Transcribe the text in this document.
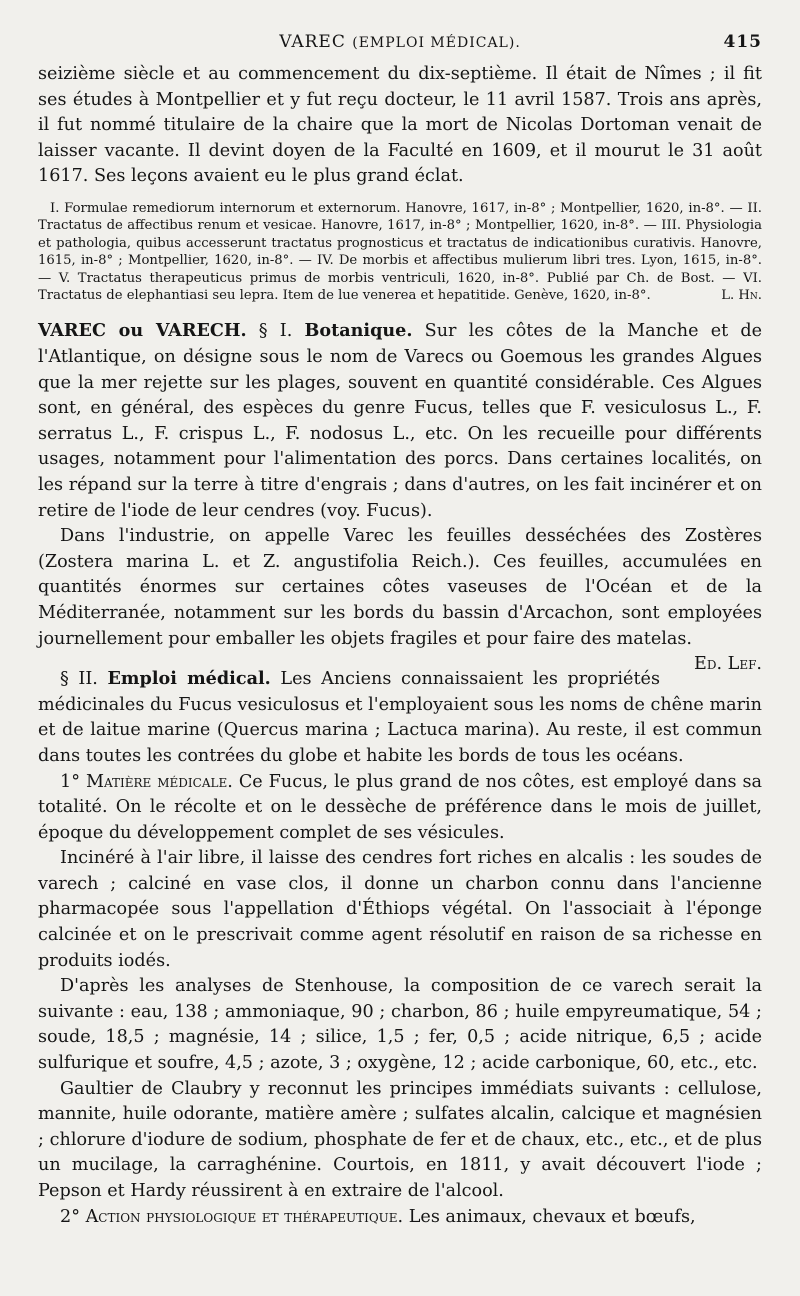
VAREC (EMPLOI MÉDICAL).	415

seizième siècle et au commencement du dix-septième. Il était de Nîmes ; il fit ses études à Montpellier et y fut reçu docteur, le 11 avril 1587. Trois ans après, il fut nommé titulaire de la chaire que la mort de Nicolas Dortoman venait de laisser vacante. Il devint doyen de la Faculté en 1609, et il mourut le 31 août 1617. Ses leçons avaient eu le plus grand éclat.

I. Formulae remediorum internorum et externorum. Hanovre, 1617, in-8° ; Montpellier, 1620, in-8°. — II. Tractatus de affectibus renum et vesicae. Hanovre, 1617, in-8° ; Montpellier, 1620, in-8°. — III. Physiologia et pathologia, quibus accesserunt tractatus prognosticus et tractatus de indicationibus curativis. Hanovre, 1615, in-8° ; Montpellier, 1620, in-8°. — IV. De morbis et affectibus mulierum libri tres. Lyon, 1615, in-8°. — V. Tractatus therapeuticus primus de morbis ventriculi, 1620, in-8°. Publié par Ch. de Bost. — VI. Tractatus de elephantiasi seu lepra. Item de lue venerea et hepatitide. Genève, 1620, in-8°.	L. Hn.

VAREC ou VARECH. § I. Botanique. Sur les côtes de la Manche et de l'Atlantique, on désigne sous le nom de Varecs ou Goemous les grandes Algues que la mer rejette sur les plages, souvent en quantité considérable. Ces Algues sont, en général, des espèces du genre Fucus, telles que F. vesiculosus L., F. serratus L., F. crispus L., F. nodosus L., etc. On les recueille pour différents usages, notamment pour l'alimentation des porcs. Dans certaines localités, on les répand sur la terre à titre d'engrais ; dans d'autres, on les fait incinérer et on retire de l'iode de leur cendres (voy. Fucus).

Dans l'industrie, on appelle Varec les feuilles desséchées des Zostères (Zostera marina L. et Z. angustifolia Reich.). Ces feuilles, accumulées en quantités énormes sur certaines côtes vaseuses de l'Océan et de la Méditerranée, notamment sur les bords du bassin d'Arcachon, sont employées journellement pour emballer les objets fragiles et pour faire des matelas.
Ed. Lef.

§ II. Emploi médical. Les Anciens connaissaient les propriétés médicinales du Fucus vesiculosus et l'employaient sous les noms de chêne marin et de laitue marine (Quercus marina ; Lactuca marina). Au reste, il est commun dans toutes les contrées du globe et habite les bords de tous les océans.

1° Matière médicale. Ce Fucus, le plus grand de nos côtes, est employé dans sa totalité. On le récolte et on le dessèche de préférence dans le mois de juillet, époque du développement complet de ses vésicules.

Incinéré à l'air libre, il laisse des cendres fort riches en alcalis : les soudes de varech ; calciné en vase clos, il donne un charbon connu dans l'ancienne pharmacopée sous l'appellation d'Éthiops végétal. On l'associait à l'éponge calcinée et on le prescrivait comme agent résolutif en raison de sa richesse en produits iodés.

D'après les analyses de Stenhouse, la composition de ce varech serait la suivante : eau, 138 ; ammoniaque, 90 ; charbon, 86 ; huile empyreumatique, 54 ; soude, 18,5 ; magnésie, 14 ; silice, 1,5 ; fer, 0,5 ; acide nitrique, 6,5 ; acide sulfurique et soufre, 4,5 ; azote, 3 ; oxygène, 12 ; acide carbonique, 60, etc., etc.

Gaultier de Claubry y reconnut les principes immédiats suivants : cellulose, mannite, huile odorante, matière amère ; sulfates alcalin, calcique et magnésien ; chlorure d'iodure de sodium, phosphate de fer et de chaux, etc., etc., et de plus un mucilage, la carraghénine. Courtois, en 1811, y avait découvert l'iode ; Pepson et Hardy réussirent à en extraire de l'alcool.

2° Action physiologique et thérapeutique. Les animaux, chevaux et bœufs,
